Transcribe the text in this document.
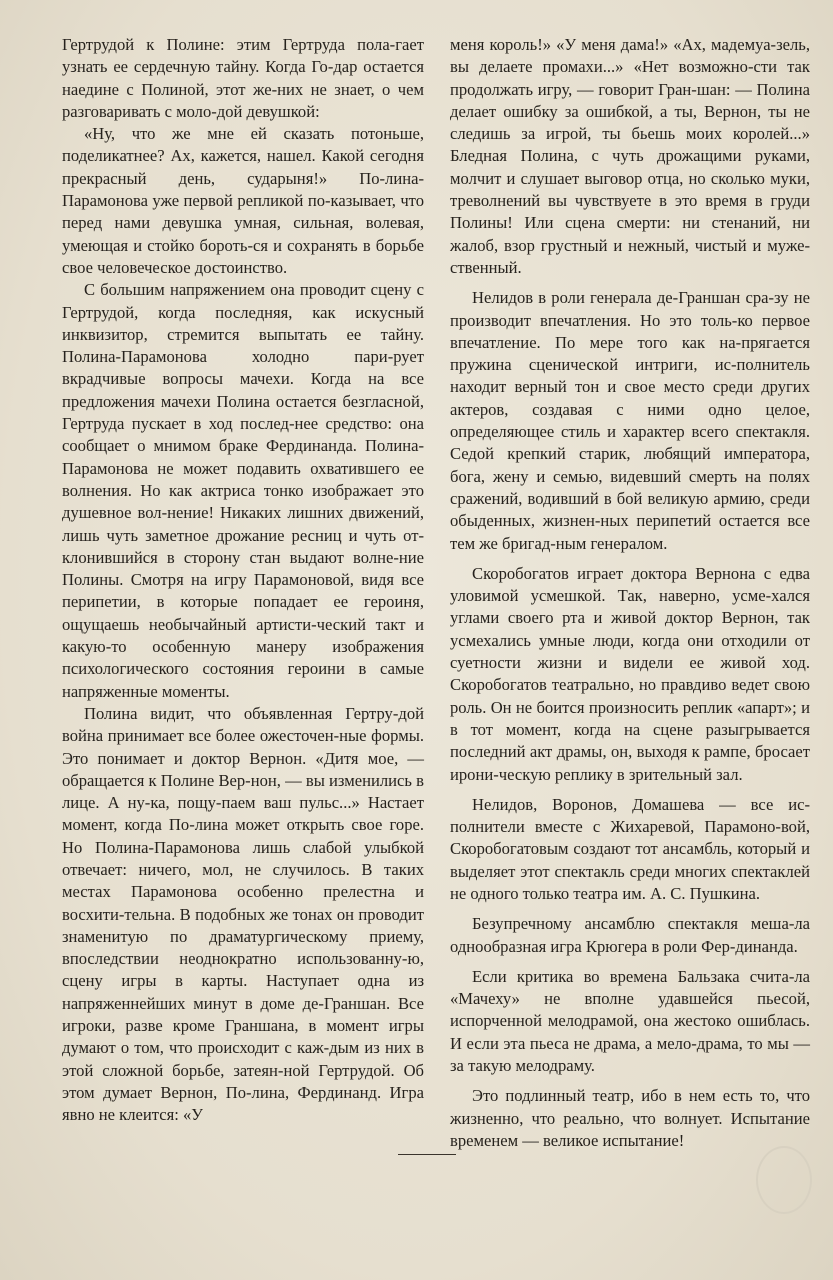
Гертрудой к Полине: этим Гертруда пола-гает узнать ее сердечную тайну. Когда Го-дар остается наедине с Полиной, этот же-них не знает, о чем разговаривать с моло-дой девушкой:

«Ну, что же мне ей сказать потоньше, поделикатнее? Ах, кажется, нашел. Какой сегодня прекрасный день, сударыня!» По-лина-Парамонова уже первой репликой по-казывает, что перед нами девушка умная, сильная, волевая, умеющая и стойко бороть-ся и сохранять в борьбе свое человеческое достоинство.

С большим напряжением она проводит сцену с Гертрудой, когда последняя, как искусный инквизитор, стремится выпытать ее тайну. Полина-Парамонова холодно пари-рует вкрадчивые вопросы мачехи. Когда на все предложения мачехи Полина остается безгласной, Гертруда пускает в ход послед-нее средство: она сообщает о мнимом браке Фердинанда. Полина-Парамонова не может подавить охватившего ее волнения. Но как актриса тонко изображает это душевное вол-нение! Никаких лишних движений, лишь чуть заметное дрожание ресниц и чуть от-клонившийся в сторону стан выдают волне-ние Полины. Смотря на игру Парамоновой, видя все перипетии, в которые попадает ее героиня, ощущаешь необычайный артисти-ческий такт и какую-то особенную манеру изображения психологического состояния героини в самые напряженные моменты.

Полина видит, что объявленная Гертру-дой война принимает все более ожесточен-ные формы. Это понимает и доктор Вернон. «Дитя мое, — обращается к Полине Вер-нон, — вы изменились в лице. А ну-ка, пощу-паем ваш пульс...» Настает момент, когда По-лина может открыть свое горе. Но Полина-Парамонова лишь слабой улыбкой отвечает: ничего, мол, не случилось. В таких местах Парамонова особенно прелестна и восхити-тельна. В подобных же тонах он проводит знаменитую по драматургическому приему, впоследствии неоднократно использованну-ю, сцену игры в карты. Наступает одна из напряженнейших минут в доме де-Граншан. Все игроки, разве кроме Граншана, в момент игры думают о том, что происходит с каж-дым из них в этой сложной борьбе, затеян-ной Гертрудой. Об этом думает Вернон, По-лина, Фердинанд. Игра явно не клеится: «У

меня король!» «У меня дама!» «Ах, мадемуа-зель, вы делаете промахи...» «Нет возможно-сти так продолжать игру, — говорит Гран-шан: — Полина делает ошибку за ошибкой, а ты, Вернон, ты не следишь за игрой, ты бьешь моих королей...» Бледная Полина, с чуть дрожащими руками, молчит и слушает выговор отца, но сколько муки, треволнений вы чувствуете в это время в груди Полины! Или сцена смерти: ни стенаний, ни жалоб, взор грустный и нежный, чистый и муже-ственный.

Нелидов в роли генерала де-Граншан сра-зу не производит впечатления. Но это толь-ко первое впечатление. По мере того как на-прягается пружина сценической интриги, ис-полнитель находит верный тон и свое место среди других актеров, создавая с ними одно целое, определяющее стиль и характер всего спектакля. Седой крепкий старик, любящий императора, бога, жену и семью, видевший смерть на полях сражений, водивший в бой великую армию, среди обыденных, жизнен-ных перипетий остается все тем же бригад-ным генералом.

Скоробогатов играет доктора Вернона с едва уловимой усмешкой. Так, наверно, усме-хался углами своего рта и живой доктор Вернон, так усмехались умные люди, когда они отходили от суетности жизни и видели ее живой ход. Скоробогатов театрально, но правдиво ведет свою роль. Он не боится произносить реплик «апарт»; и в тот момент, когда на сцене разыгрывается последний акт драмы, он, выходя к рампе, бросает ирони-ческую реплику в зрительный зал.

Нелидов, Воронов, Домашева — все ис-полнители вместе с Жихаревой, Парамоно-вой, Скоробогатовым создают тот ансамбль, который и выделяет этот спектакль среди многих спектаклей не одного только театра им. А. С. Пушкина.

Безупречному ансамблю спектакля меша-ла однообразная игра Крюгера в роли Фер-динанда.

Если критика во времена Бальзака счита-ла «Мачеху» не вполне удавшейся пьесой, испорченной мелодрамой, она жестоко ошиблась. И если эта пьеса не драма, а мело-драма, то мы — за такую мелодраму.

Это подлинный театр, ибо в нем есть то, что жизненно, что реально, что волнует. Испытание временем — великое испытание!
